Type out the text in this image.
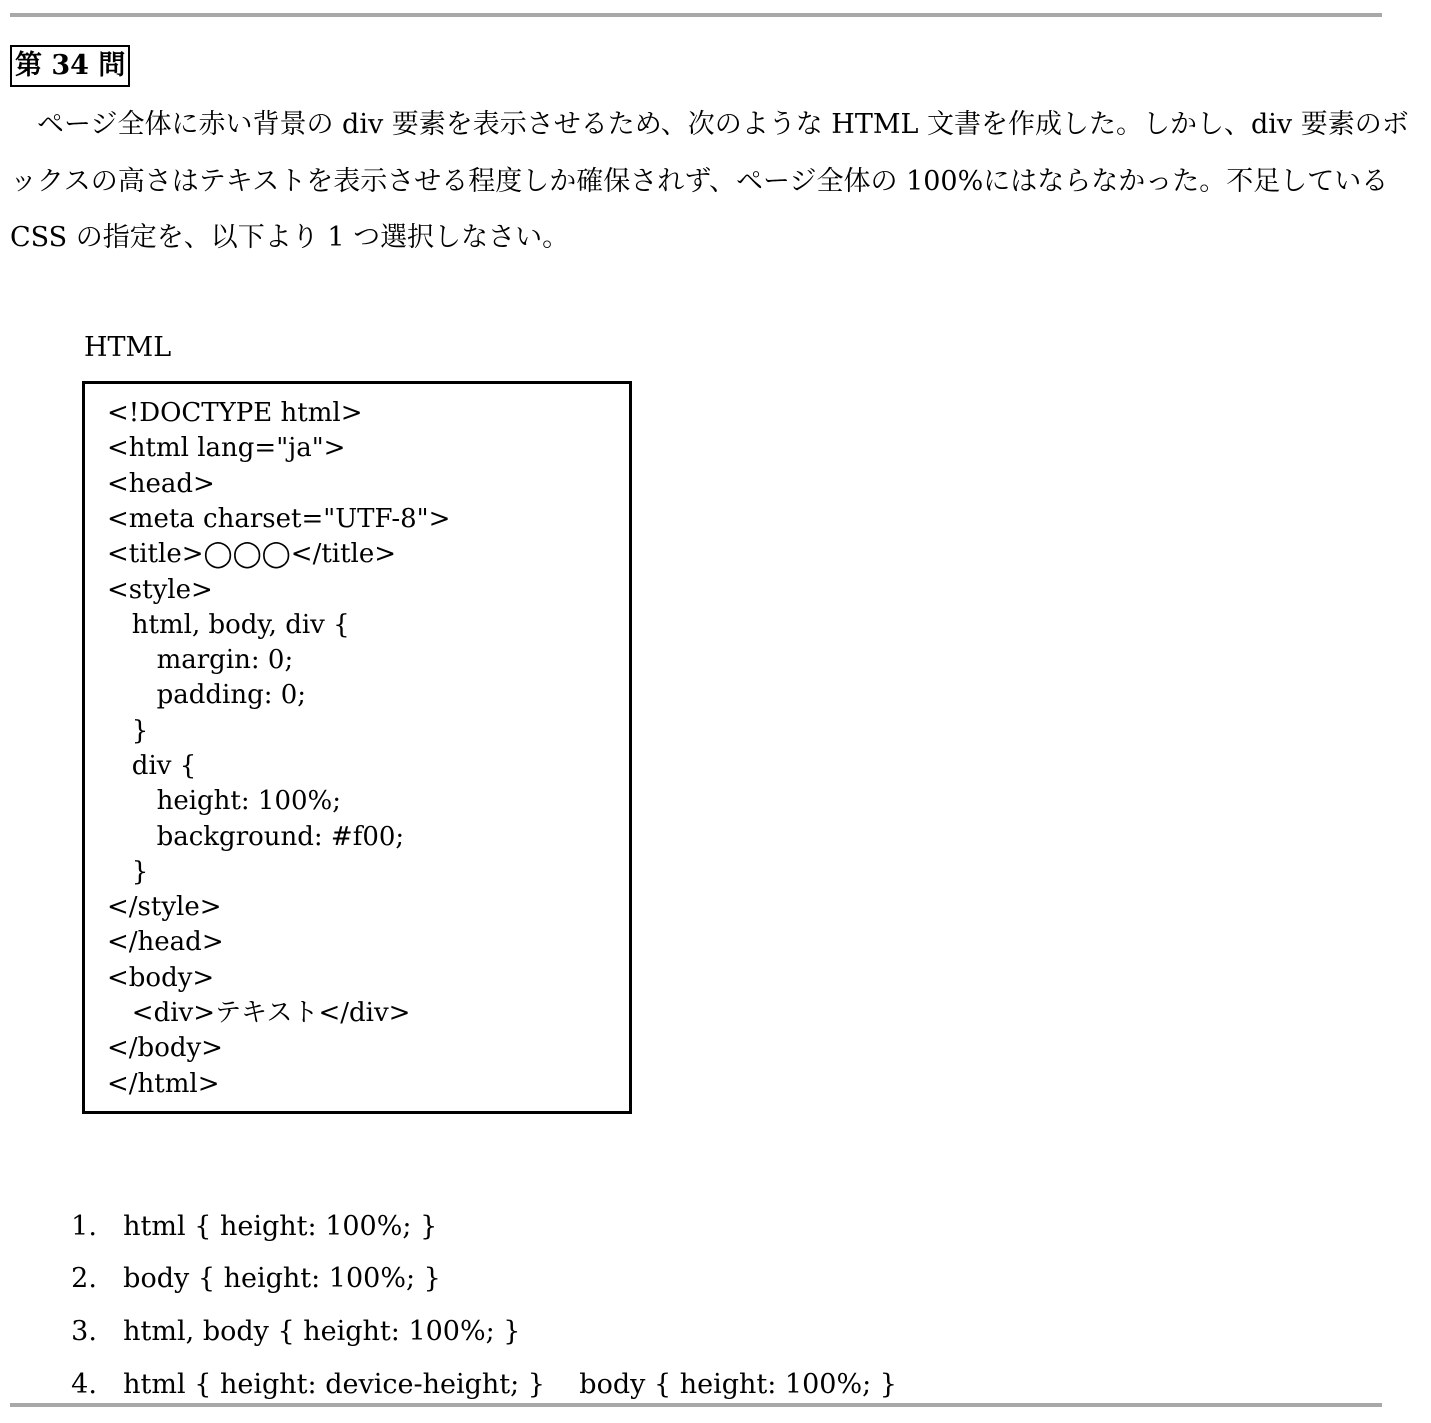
第 34 問
ページ全体に赤い背景の div 要素を表示させるため、次のような HTML 文書を作成した。しかし、div 要素のボ
ックスの高さはテキストを表示させる程度しか確保されず、ページ全体の 100%にはならなかった。不足している
CSS の指定を、以下より 1 つ選択しなさい。
HTML
<!DOCTYPE html>
<html lang="ja">
<head>
<meta charset="UTF-8">
<title>◯◯◯</title>
<style>
html, body, div {
margin: 0;
padding: 0;
}
div {
height: 100%;
background: #f00;
}
</style>
</head>
<body>
<div>テキスト</div>
</body>
</html>

1. html { height: 100%; }

2. body { height: 100%; }

3. html, body { height: 100%; }

4. html { height: device-height; }    body { height: 100%; }
